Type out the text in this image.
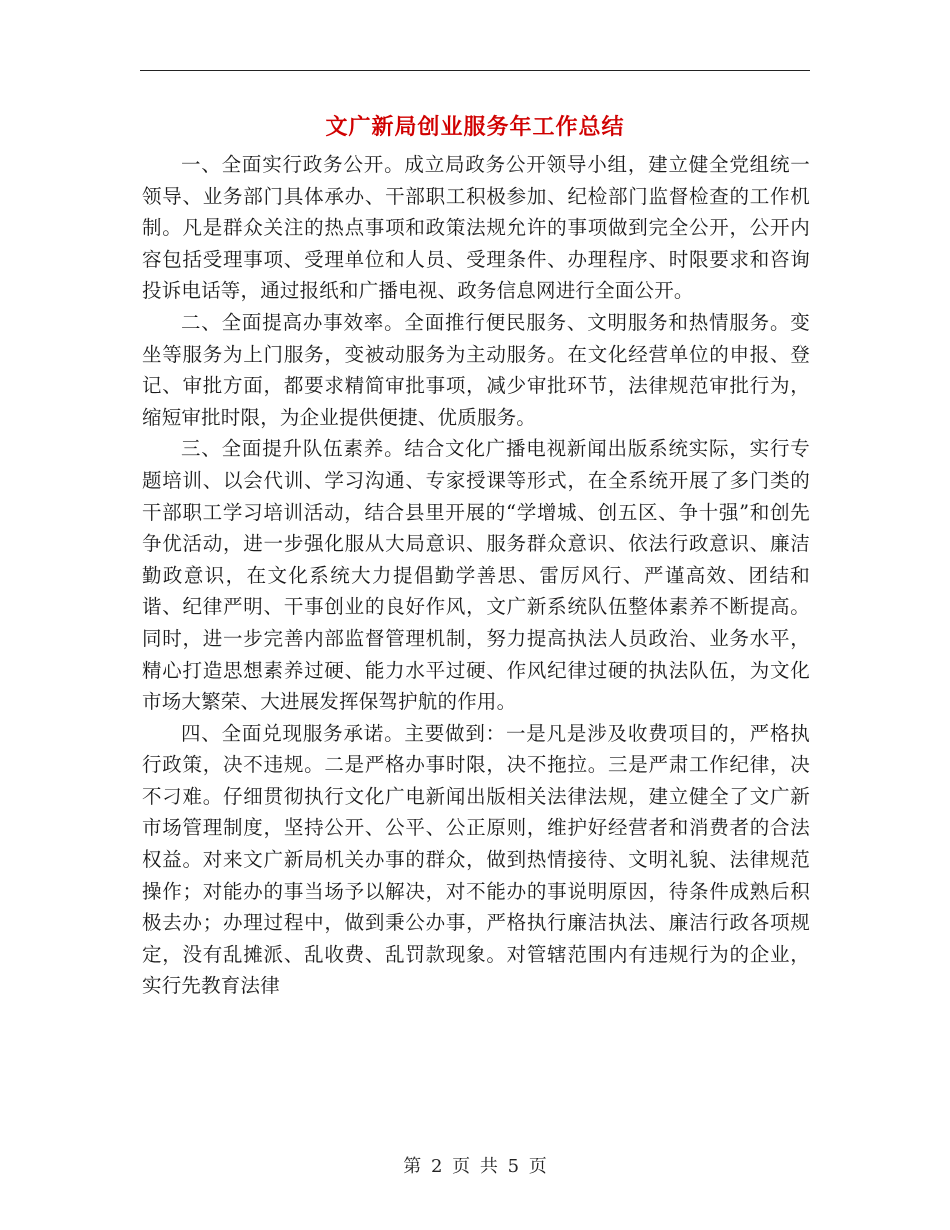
文广新局创业服务年工作总结

一、全面实行政务公开。成立局政务公开领导小组，建立健全党组统一领导、业务部门具体承办、干部职工积极参加、纪检部门监督检查的工作机制。凡是群众关注的热点事项和政策法规允许的事项做到完全公开，公开内容包括受理事项、受理单位和人员、受理条件、办理程序、时限要求和咨询投诉电话等，通过报纸和广播电视、政务信息网进行全面公开。

二、全面提高办事效率。全面推行便民服务、文明服务和热情服务。变坐等服务为上门服务，变被动服务为主动服务。在文化经营单位的申报、登记、审批方面，都要求精简审批事项，减少审批环节，法律规范审批行为，缩短审批时限，为企业提供便捷、优质服务。

三、全面提升队伍素养。结合文化广播电视新闻出版系统实际，实行专题培训、以会代训、学习沟通、专家授课等形式，在全系统开展了多门类的干部职工学习培训活动，结合县里开展的“学增城、创五区、争十强”和创先争优活动，进一步强化服从大局意识、服务群众意识、依法行政意识、廉洁勤政意识，在文化系统大力提倡勤学善思、雷厉风行、严谨高效、团结和谐、纪律严明、干事创业的良好作风，文广新系统队伍整体素养不断提高。同时，进一步完善内部监督管理机制，努力提高执法人员政治、业务水平，精心打造思想素养过硬、能力水平过硬、作风纪律过硬的执法队伍，为文化市场大繁荣、大进展发挥保驾护航的作用。

四、全面兑现服务承诺。主要做到：一是凡是涉及收费项目的，严格执行政策，决不违规。二是严格办事时限，决不拖拉。三是严肃工作纪律，决不刁难。仔细贯彻执行文化广电新闻出版相关法律法规，建立健全了文广新市场管理制度，坚持公开、公平、公正原则，维护好经营者和消费者的合法权益。对来文广新局机关办事的群众，做到热情接待、文明礼貌、法律规范操作；对能办的事当场予以解决，对不能办的事说明原因，待条件成熟后积极去办；办理过程中，做到秉公办事，严格执行廉洁执法、廉洁行政各项规定，没有乱摊派、乱收费、乱罚款现象。对管辖范围内有违规行为的企业，实行先教育法律

第 2 页 共 5 页
